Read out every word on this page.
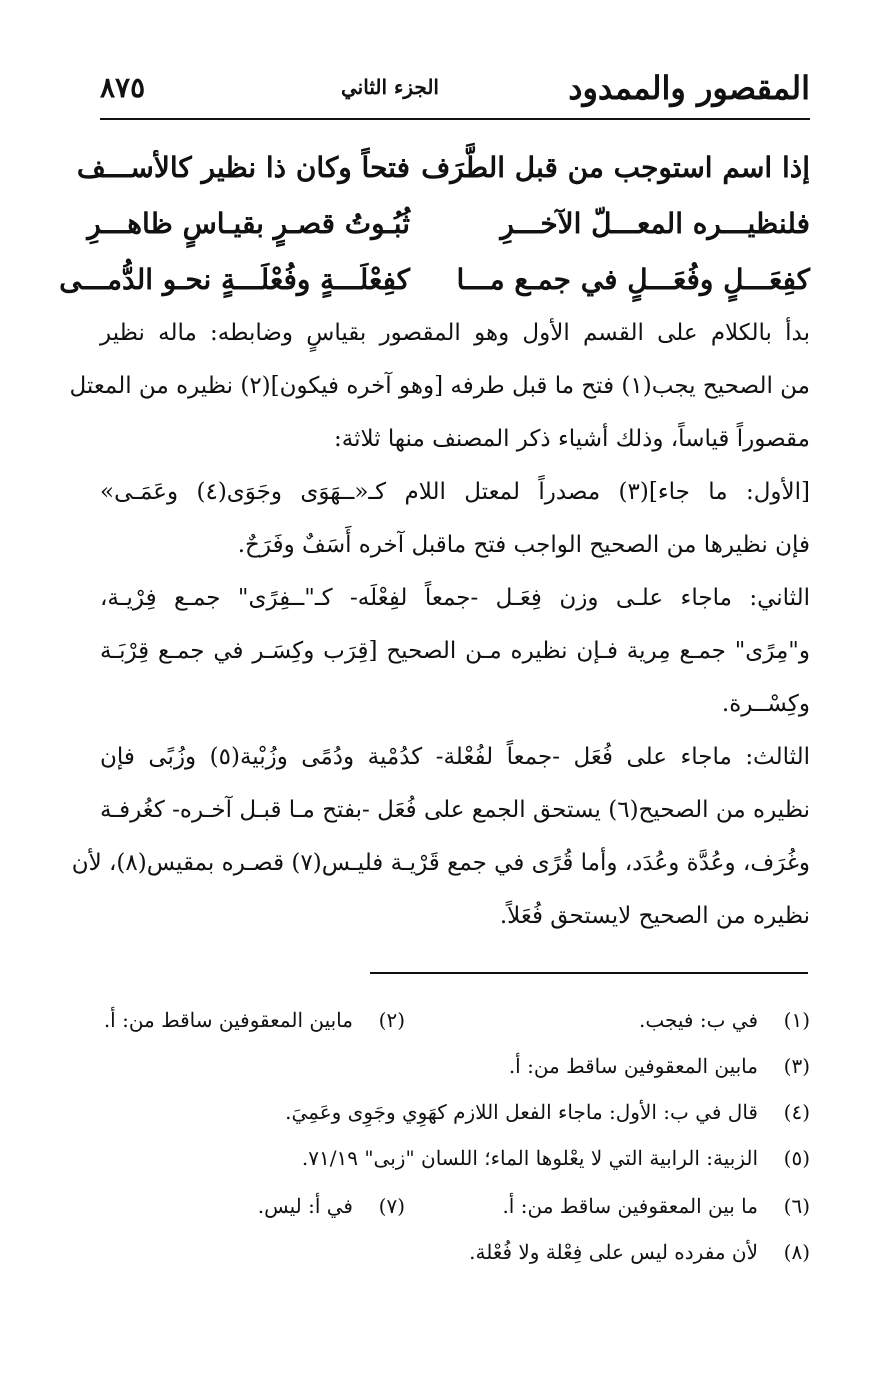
المقصور والممدود
الجزء الثاني
٨٧٥
إذا اسم استوجب من قبل الطَّرَف
فتحاً وكان ذا نظير كالأســـف
فلنظيـــره المعـــلّ الآخـــرِ
ثُبُـوتُ قصـرٍ بقيـاسٍ ظاهـــرِ
كفِعَـــلٍ وفُعَـــلٍ في جمـع مـــا
كفِعْلَـــةٍ وفُعْلَـــةٍ نحـو الدُّمـــى
بدأ بالكلام على القسم الأول وهو المقصور بقياسٍ وضابطه: ماله نظير
من الصحيح يجب(١) فتح ما قبل طرفه [وهو آخره فيكون](٢) نظيره من المعتل
مقصوراً قياساً، وذلك أشياء ذكر المصنف منها ثلاثة:
[الأول: ما جاء](٣) مصدراً لمعتل اللام كـ«ــهَوَى وجَوَى(٤) وعَمَـى»
فإن نظيرها من الصحيح الواجب فتح ماقبل آخره أَسَفٌ وفَرَحٌ.
الثاني: ماجاء علـى وزن فِعَـل -جمعاً لفِعْلَه- كـ"ــفِرًى" جمـع فِرْيـة،
و"مِرًى" جمـع مِرية فـإن نظيره مـن الصحيح [قِرَب وكِسَـر في جمـع قِرْبَـة
وكِسْــرة.
الثالث: ماجاء على فُعَل -جمعاً لفُعْلة- كدُمْية ودُمًى وزُبْية(٥) وزُبًى فإن
نظيره من الصحيح(٦) يستحق الجمع على فُعَل -بفتح مـا قبـل آخـره- كغُرفـة
وغُرَف، وعُدَّة وعُدَد، وأما قُرًى في جمع قَرْيـة فليـس(٧) قصـره بمقيس(٨)، لأن
نظيره من الصحيح لايستحق فُعَلاً.
(١)في ب: فيجب.
(٢)مابين المعقوفين ساقط من: أ.
(٣)مابين المعقوفين ساقط من: أ.
(٤)قال في ب: الأول: ماجاء الفعل اللازم كهَوِي وجَوِى وعَمِيَ.
(٥)الزبية: الرابية التي لا يعْلوها الماء؛ اللسان "زبى" ٧١/١٩.
(٦)ما بين المعقوفين ساقط من: أ.
(٧)في أ: ليس.
(٨)لأن مفرده ليس على فِعْلة ولا فُعْلة.
